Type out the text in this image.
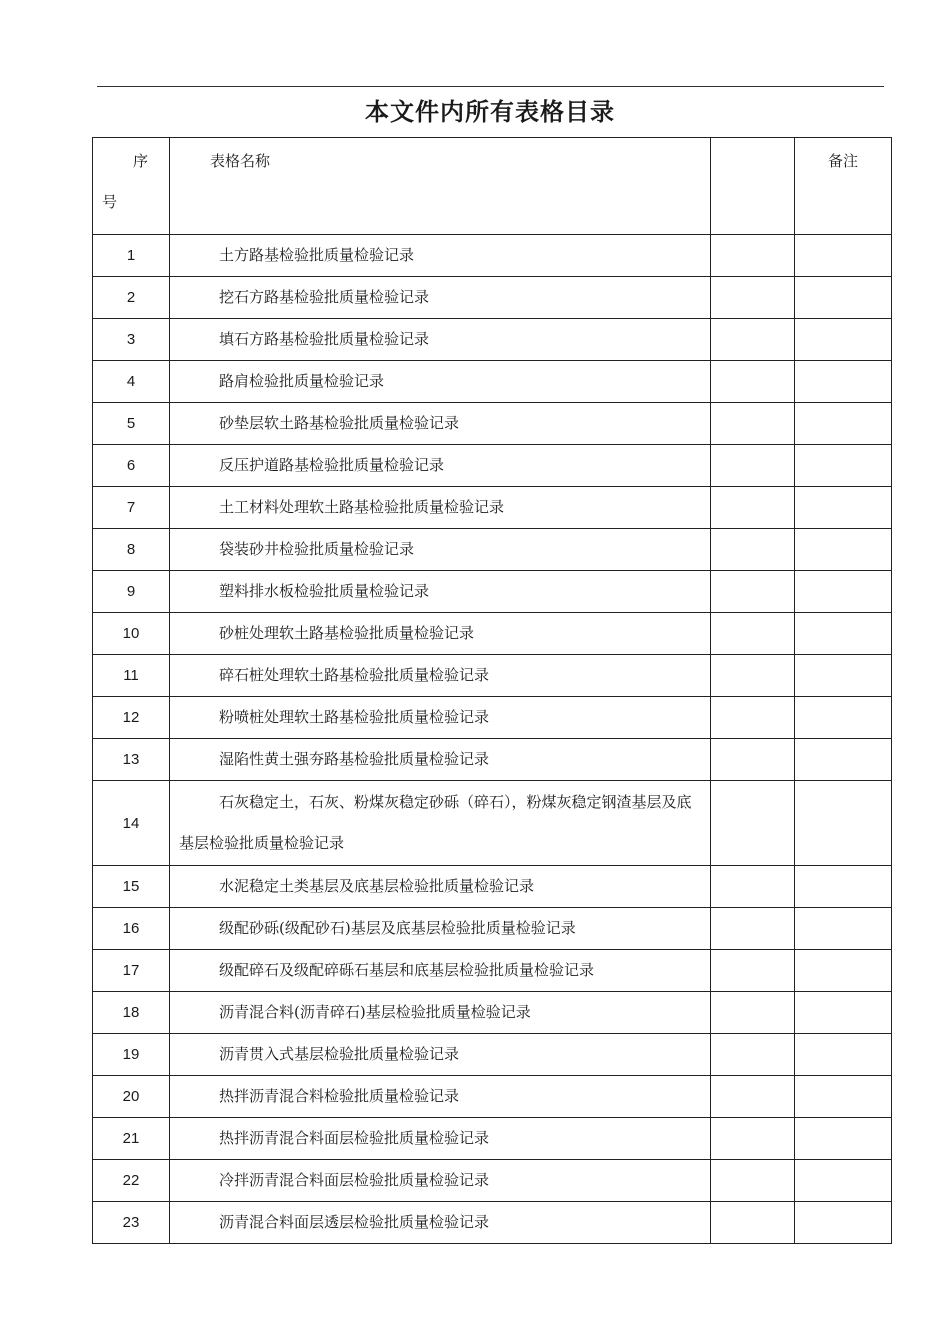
本文件内所有表格目录
序
号	表格名称		备注
1	土方路基检验批质量检验记录		
2	挖石方路基检验批质量检验记录		
3	填石方路基检验批质量检验记录		
4	路肩检验批质量检验记录		
5	砂垫层软土路基检验批质量检验记录		
6	反压护道路基检验批质量检验记录		
7	土工材料处理软土路基检验批质量检验记录		
8	袋装砂井检验批质量检验记录		
9	塑料排水板检验批质量检验记录		
10	砂桩处理软土路基检验批质量检验记录		
11	碎石桩处理软土路基检验批质量检验记录		
12	粉喷桩处理软土路基检验批质量检验记录		
13	湿陷性黄土强夯路基检验批质量检验记录		
14	石灰稳定土，石灰、粉煤灰稳定砂砾（碎石），粉煤灰稳定钢渣基层及底基层检验批质量检验记录		
15	水泥稳定土类基层及底基层检验批质量检验记录		
16	级配砂砾(级配砂石)基层及底基层检验批质量检验记录		
17	级配碎石及级配碎砾石基层和底基层检验批质量检验记录		
18	沥青混合料(沥青碎石)基层检验批质量检验记录		
19	沥青贯入式基层检验批质量检验记录		
20	热拌沥青混合料检验批质量检验记录		
21	热拌沥青混合料面层检验批质量检验记录		
22	冷拌沥青混合料面层检验批质量检验记录		
23	沥青混合料面层透层检验批质量检验记录		
